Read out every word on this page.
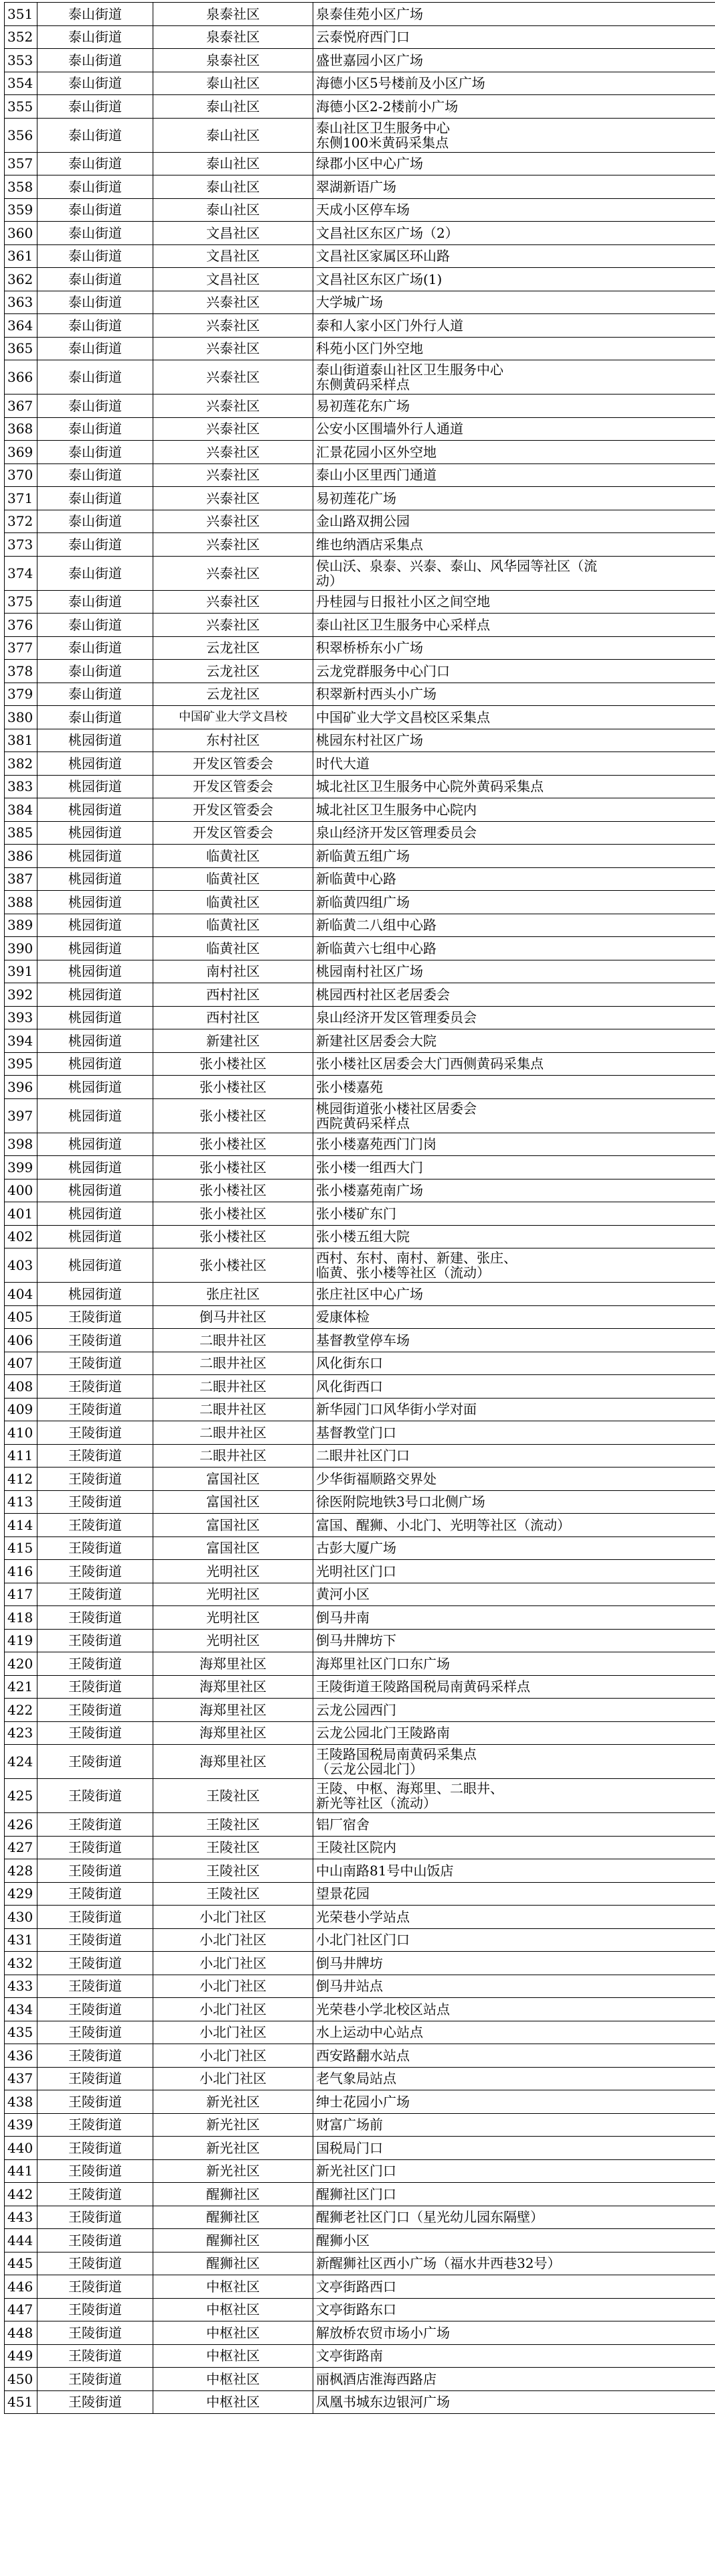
351	泰山街道	泉泰社区	泉泰佳苑小区广场

352	泰山街道	泉泰社区	云泰悦府西门口

353	泰山街道	泉泰社区	盛世嘉园小区广场

354	泰山街道	泰山社区	海德小区5号楼前及小区广场

355	泰山街道	泰山社区	海德小区2-2楼前小广场

356	泰山街道	泰山社区	泰山社区卫生服务中心
东侧100米黄码采集点

357	泰山街道	泰山社区	绿郡小区中心广场

358	泰山街道	泰山社区	翠湖新语广场

359	泰山街道	泰山社区	天成小区停车场

360	泰山街道	文昌社区	文昌社区东区广场（2）

361	泰山街道	文昌社区	文昌社区家属区环山路

362	泰山街道	文昌社区	文昌社区东区广场(1)

363	泰山街道	兴泰社区	大学城广场

364	泰山街道	兴泰社区	泰和人家小区门外行人道

365	泰山街道	兴泰社区	科苑小区门外空地

366	泰山街道	兴泰社区	泰山街道泰山社区卫生服务中心
东侧黄码采样点

367	泰山街道	兴泰社区	易初莲花东广场

368	泰山街道	兴泰社区	公安小区围墙外行人通道

369	泰山街道	兴泰社区	汇景花园小区外空地

370	泰山街道	兴泰社区	泰山小区里西门通道

371	泰山街道	兴泰社区	易初莲花广场

372	泰山街道	兴泰社区	金山路双拥公园

373	泰山街道	兴泰社区	维也纳酒店采集点

374	泰山街道	兴泰社区	侯山沃、泉泰、兴泰、泰山、风华园等社区（流
动）

375	泰山街道	兴泰社区	丹桂园与日报社小区之间空地

376	泰山街道	兴泰社区	泰山社区卫生服务中心采样点

377	泰山街道	云龙社区	积翠桥桥东小广场

378	泰山街道	云龙社区	云龙党群服务中心门口

379	泰山街道	云龙社区	积翠新村西头小广场

380	泰山街道	中国矿业大学文昌校	中国矿业大学文昌校区采集点

381	桃园街道	东村社区	桃园东村社区广场

382	桃园街道	开发区管委会	时代大道

383	桃园街道	开发区管委会	城北社区卫生服务中心院外黄码采集点

384	桃园街道	开发区管委会	城北社区卫生服务中心院内

385	桃园街道	开发区管委会	泉山经济开发区管理委员会

386	桃园街道	临黄社区	新临黄五组广场

387	桃园街道	临黄社区	新临黄中心路

388	桃园街道	临黄社区	新临黄四组广场

389	桃园街道	临黄社区	新临黄二八组中心路

390	桃园街道	临黄社区	新临黄六七组中心路

391	桃园街道	南村社区	桃园南村社区广场

392	桃园街道	西村社区	桃园西村社区老居委会

393	桃园街道	西村社区	泉山经济开发区管理委员会

394	桃园街道	新建社区	新建社区居委会大院

395	桃园街道	张小楼社区	张小楼社区居委会大门西侧黄码采集点

396	桃园街道	张小楼社区	张小楼嘉苑

397	桃园街道	张小楼社区	桃园街道张小楼社区居委会
西院黄码采样点

398	桃园街道	张小楼社区	张小楼嘉苑西门门岗

399	桃园街道	张小楼社区	张小楼一组西大门

400	桃园街道	张小楼社区	张小楼嘉苑南广场

401	桃园街道	张小楼社区	张小楼矿东门

402	桃园街道	张小楼社区	张小楼五组大院

403	桃园街道	张小楼社区	西村、东村、南村、新建、张庄、
临黄、张小楼等社区（流动）

404	桃园街道	张庄社区	张庄社区中心广场

405	王陵街道	倒马井社区	爱康体检

406	王陵街道	二眼井社区	基督教堂停车场

407	王陵街道	二眼井社区	风化街东口

408	王陵街道	二眼井社区	风化街西口

409	王陵街道	二眼井社区	新华园门口风华街小学对面

410	王陵街道	二眼井社区	基督教堂门口

411	王陵街道	二眼井社区	二眼井社区门口

412	王陵街道	富国社区	少华街福顺路交界处

413	王陵街道	富国社区	徐医附院地铁3号口北侧广场

414	王陵街道	富国社区	富国、醒狮、小北门、光明等社区（流动）

415	王陵街道	富国社区	古彭大厦广场

416	王陵街道	光明社区	光明社区门口

417	王陵街道	光明社区	黄河小区

418	王陵街道	光明社区	倒马井南

419	王陵街道	光明社区	倒马井牌坊下

420	王陵街道	海郑里社区	海郑里社区门口东广场

421	王陵街道	海郑里社区	王陵街道王陵路国税局南黄码采样点

422	王陵街道	海郑里社区	云龙公园西门

423	王陵街道	海郑里社区	云龙公园北门王陵路南

424	王陵街道	海郑里社区	王陵路国税局南黄码采集点
（云龙公园北门）

425	王陵街道	王陵社区	王陵、中枢、海郑里、二眼井、
新光等社区（流动）

426	王陵街道	王陵社区	铝厂宿舍

427	王陵街道	王陵社区	王陵社区院内

428	王陵街道	王陵社区	中山南路81号中山饭店

429	王陵街道	王陵社区	望景花园

430	王陵街道	小北门社区	光荣巷小学站点

431	王陵街道	小北门社区	小北门社区门口

432	王陵街道	小北门社区	倒马井牌坊

433	王陵街道	小北门社区	倒马井站点

434	王陵街道	小北门社区	光荣巷小学北校区站点

435	王陵街道	小北门社区	水上运动中心站点

436	王陵街道	小北门社区	西安路翻水站点

437	王陵街道	小北门社区	老气象局站点

438	王陵街道	新光社区	绅士花园小广场

439	王陵街道	新光社区	财富广场前

440	王陵街道	新光社区	国税局门口

441	王陵街道	新光社区	新光社区门口

442	王陵街道	醒狮社区	醒狮社区门口

443	王陵街道	醒狮社区	醒狮老社区门口（星光幼儿园东隔壁）

444	王陵街道	醒狮社区	醒狮小区

445	王陵街道	醒狮社区	新醒狮社区西小广场（福水井西巷32号）

446	王陵街道	中枢社区	文亭街路西口

447	王陵街道	中枢社区	文亭街路东口

448	王陵街道	中枢社区	解放桥农贸市场小广场

449	王陵街道	中枢社区	文亭街路南

450	王陵街道	中枢社区	丽枫酒店淮海西路店

451	王陵街道	中枢社区	凤凰书城东边银河广场
